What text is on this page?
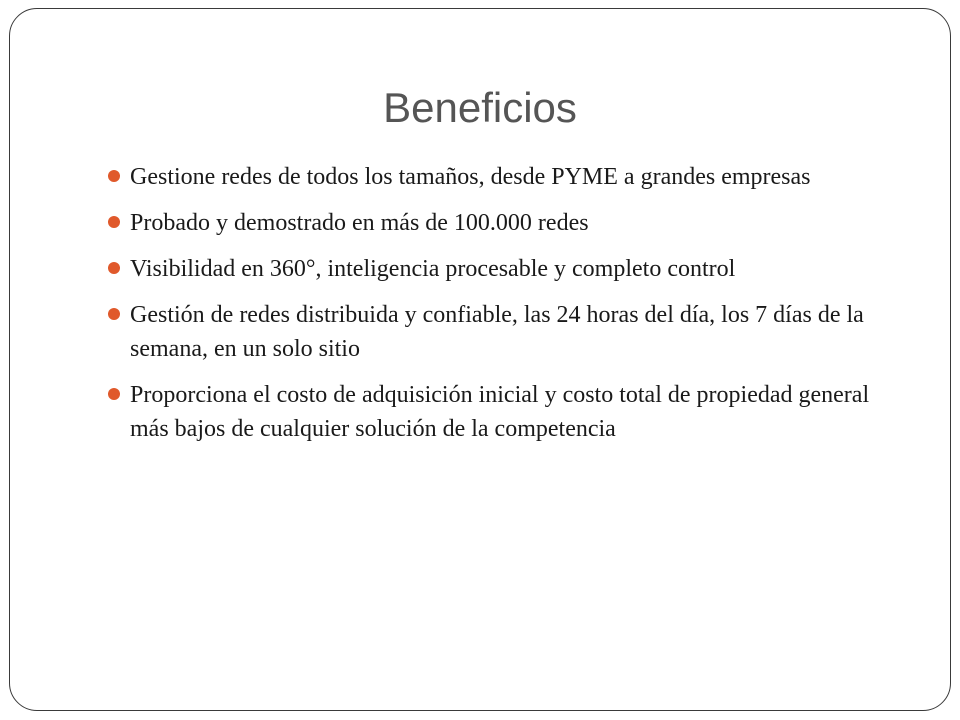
Beneficios
Gestione redes de todos los tamaños, desde PYME a grandes empresas
Probado y demostrado en más de 100.000 redes
Visibilidad en 360°, inteligencia procesable y completo control
Gestión de redes distribuida y confiable, las 24 horas del día, los 7 días de la semana, en un solo sitio
Proporciona el costo de adquisición inicial y costo total de propiedad general más bajos de cualquier solución de la competencia
